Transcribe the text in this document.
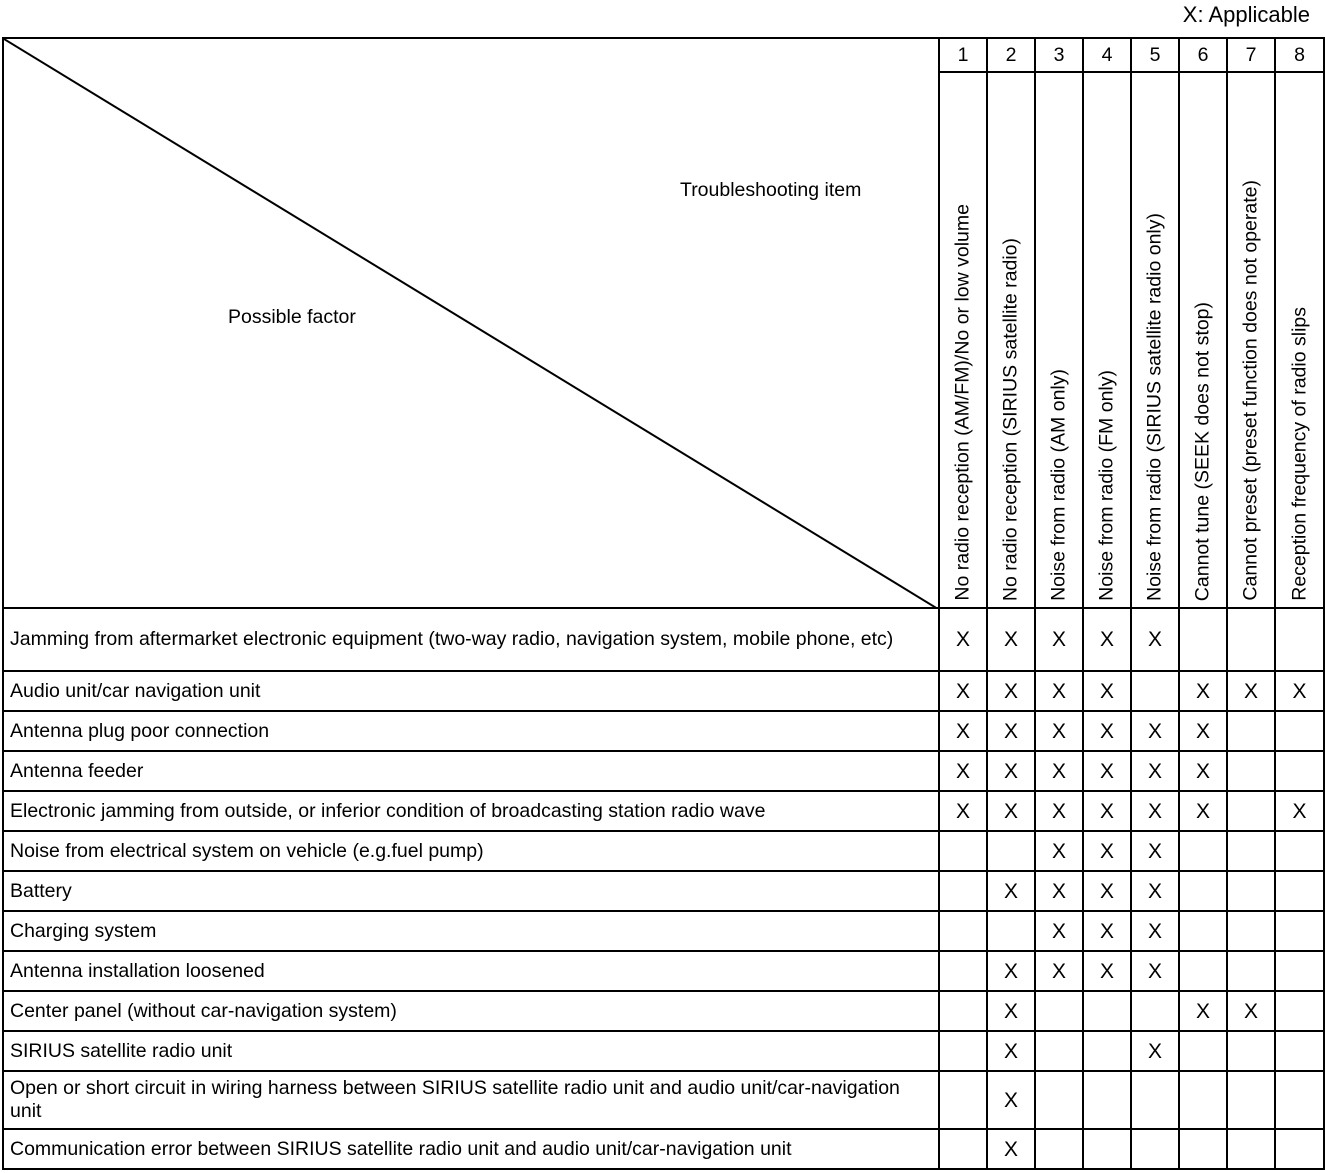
X: Applicable
Troubleshooting item
Possible factor	1	2	3	4	5	6	7	8

	No radio reception (AM/FM)/No or low volume	No radio reception (SIRIUS satellite radio)	Noise from radio (AM only)	Noise from radio (FM only)	Noise from radio (SIRIUS satellite radio only)	Cannot tune (SEEK does not stop)	Cannot preset (preset function does not operate)	Reception frequency of radio slips

Jamming from aftermarket electronic equipment (two-way radio, navigation system, mobile phone, etc)	X	X	X	X	X			
Audio unit/car navigation unit	X	X	X	X		X	X	X
Antenna plug poor connection	X	X	X	X	X	X		
Antenna feeder	X	X	X	X	X	X		
Electronic jamming from outside, or inferior condition of broadcasting station radio wave	X	X	X	X	X	X		X
Noise from electrical system on vehicle (e.g.fuel pump)			X	X	X			
Battery		X	X	X	X			
Charging system			X	X	X			
Antenna installation loosened		X	X	X	X			
Center panel (without car-navigation system)		X				X	X	
SIRIUS satellite radio unit		X			X			
Open or short circuit in wiring harness between SIRIUS satellite radio unit and audio unit/car-navigation unit		X						
Communication error between SIRIUS satellite radio unit and audio unit/car-navigation unit		X						
